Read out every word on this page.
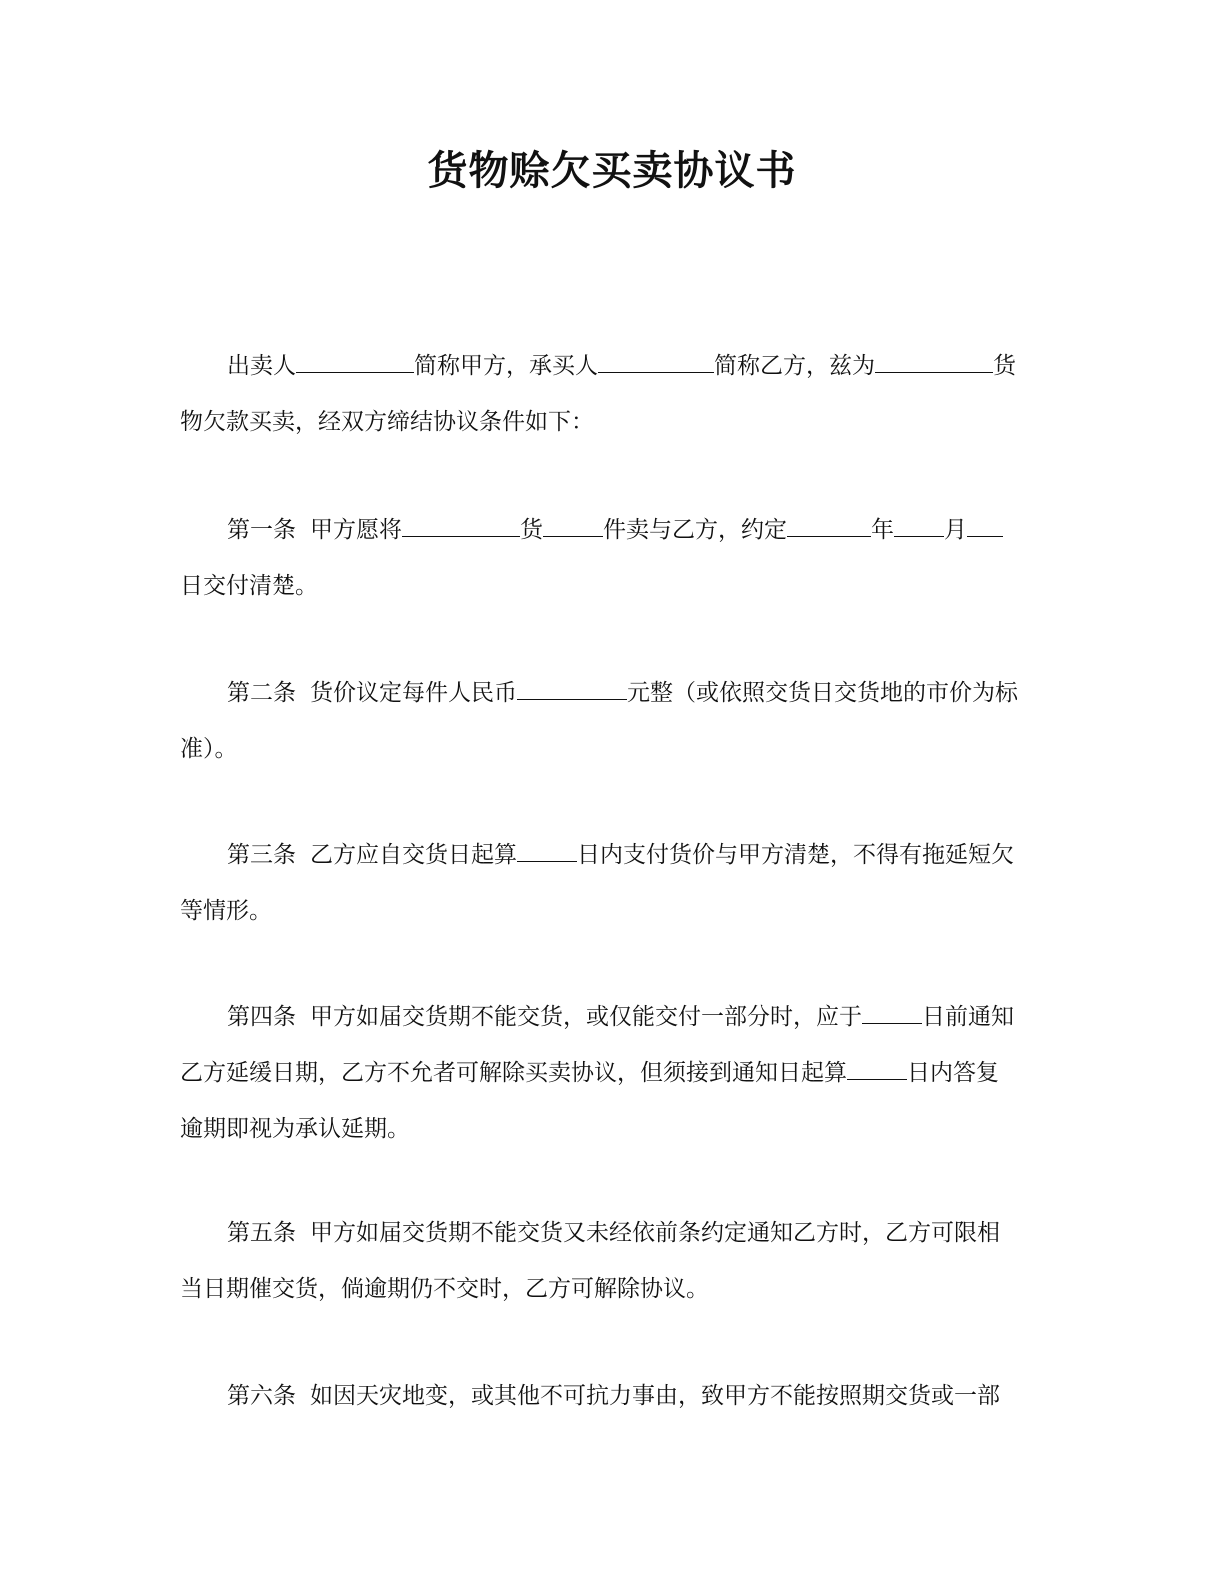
货物赊欠买卖协议书
出卖人	简称甲方，承买人	简称乙方，兹为	货
物欠款买卖，经双方缔结协议条件如下：
第一条 甲方愿将	货	件卖与乙方，约定	年 月
日交付清楚。
第二条 货价议定每件人民币	元整（或依照交货日交货地的市价为标
准）。
第三条 乙方应自交货日起算	日内支付货价与甲方清楚，不得有拖延短欠
等情形。
第四条 甲方如届交货期不能交货，或仅能交付一部分时，应于	日前通知
乙方延缓日期，乙方不允者可解除买卖协议，但须接到通知日起算	日内答复
逾期即视为承认延期。
第五条 甲方如届交货期不能交货又未经依前条约定通知乙方时，乙方可限相
当日期催交货，倘逾期仍不交时，乙方可解除协议。
第六条 如因天灾地变，或其他不可抗力事由，致甲方不能按照期交货或一部
